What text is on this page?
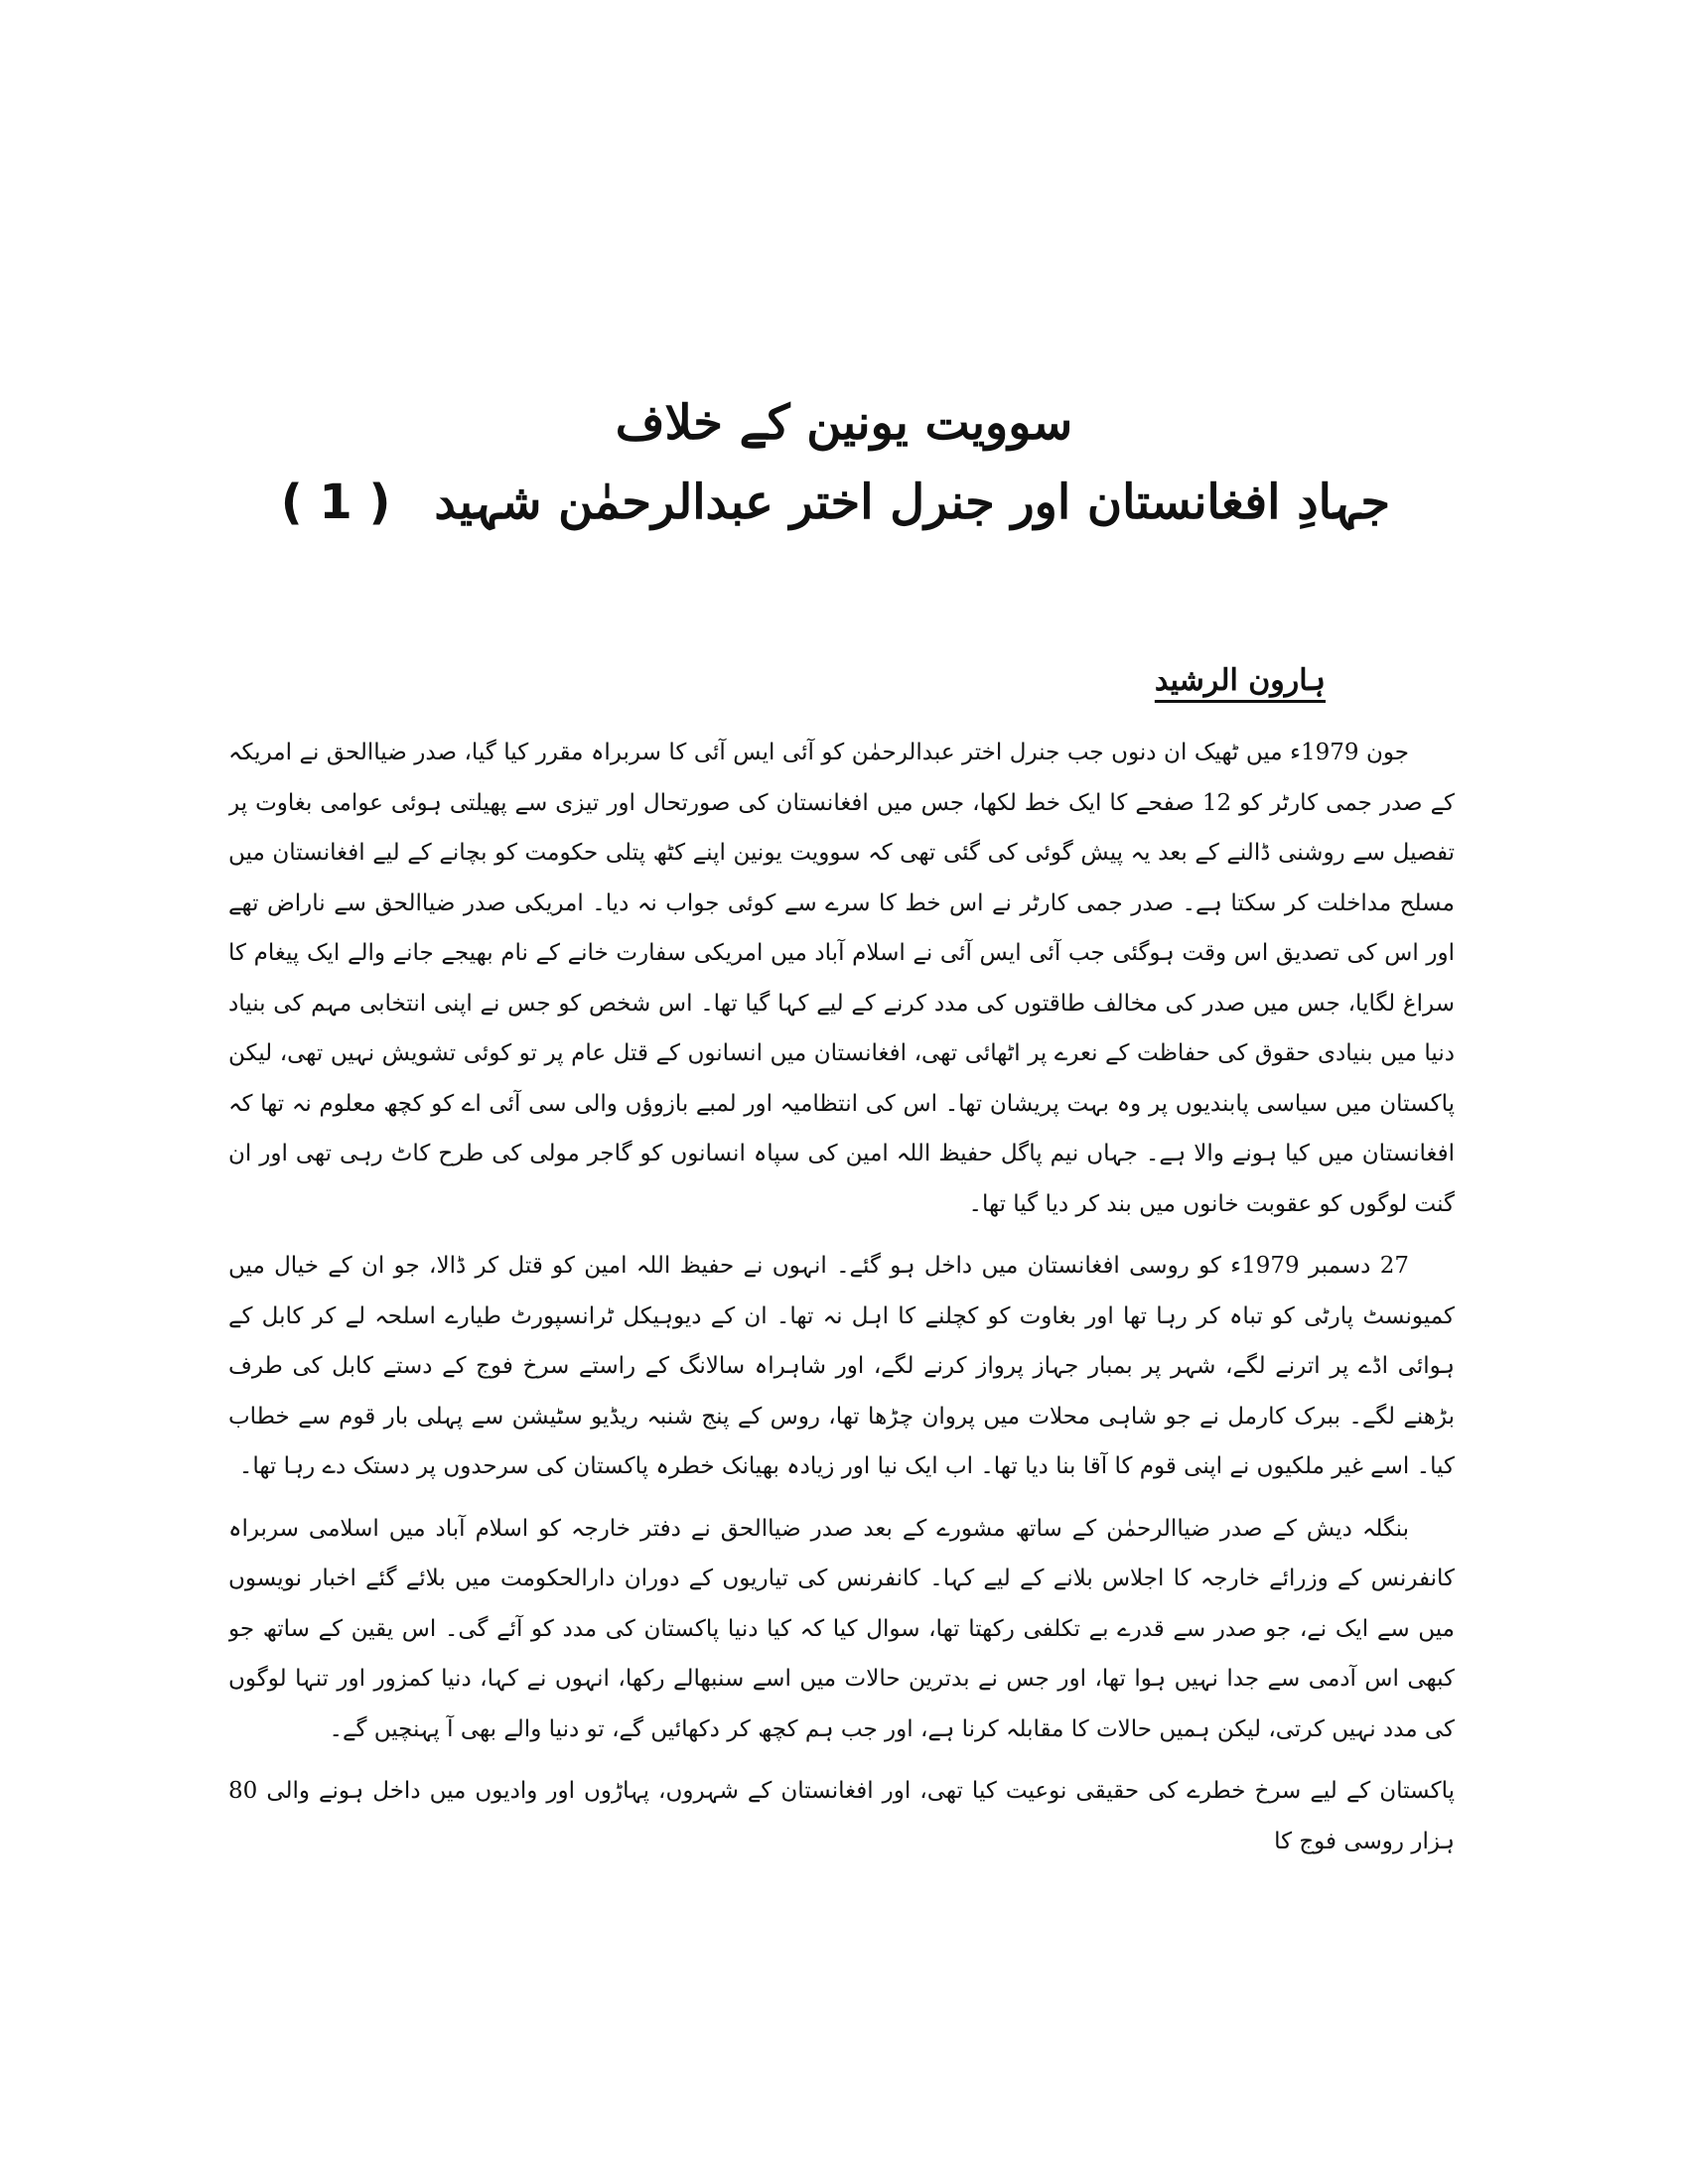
سوویت یونین کے خلاف
جہادِ افغانستان اور جنرل اختر عبدالرحمٰن شہید( 1 )

ہارون الرشید

جون 1979ء میں ٹھیک ان دنوں جب جنرل اختر عبدالرحمٰن کو آئی ایس آئی کا سربراہ مقرر کیا گیا، صدر ضیاالحق نے امریکہ کے صدر جمی کارٹر کو 12 صفحے کا ایک خط لکھا، جس میں افغانستان کی صورتحال اور تیزی سے پھیلتی ہوئی عوامی بغاوت پر تفصیل سے روشنی ڈالنے کے بعد یہ پیش گوئی کی گئی تھی کہ سوویت یونین اپنے کٹھ پتلی حکومت کو بچانے کے لیے افغانستان میں مسلح مداخلت کر سکتا ہے۔ صدر جمی کارٹر نے اس خط کا سرے سے کوئی جواب نہ دیا۔ امریکی صدر ضیاالحق سے ناراض تھے اور اس کی تصدیق اس وقت ہوگئی جب آئی ایس آئی نے اسلام آباد میں امریکی سفارت خانے کے نام بھیجے جانے والے ایک پیغام کا سراغ لگایا، جس میں صدر کی مخالف طاقتوں کی مدد کرنے کے لیے کہا گیا تھا۔ اس شخص کو جس نے اپنی انتخابی مہم کی بنیاد دنیا میں بنیادی حقوق کی حفاظت کے نعرے پر اٹھائی تھی، افغانستان میں انسانوں کے قتل عام پر تو کوئی تشویش نہیں تھی، لیکن پاکستان میں سیاسی پابندیوں پر وہ بہت پریشان تھا۔ اس کی انتظامیہ اور لمبے بازوؤں والی سی آئی اے کو کچھ معلوم نہ تھا کہ افغانستان میں کیا ہونے والا ہے۔ جہاں نیم پاگل حفیظ اللہ امین کی سپاہ انسانوں کو گاجر مولی کی طرح کاٹ رہی تھی اور ان گنت لوگوں کو عقوبت خانوں میں بند کر دیا گیا تھا۔

27 دسمبر 1979ء کو روسی افغانستان میں داخل ہو گئے۔ انہوں نے حفیظ اللہ امین کو قتل کر ڈالا، جو ان کے خیال میں کمیونسٹ پارٹی کو تباہ کر رہا تھا اور بغاوت کو کچلنے کا اہل نہ تھا۔ ان کے دیوہیکل ٹرانسپورٹ طیارے اسلحہ لے کر کابل کے ہوائی اڈے پر اترنے لگے، شہر پر بمبار جہاز پرواز کرنے لگے، اور شاہراہ سالانگ کے راستے سرخ فوج کے دستے کابل کی طرف بڑھنے لگے۔ ببرک کارمل نے جو شاہی محلات میں پروان چڑھا تھا، روس کے پنج شنبہ ریڈیو سٹیشن سے پہلی بار قوم سے خطاب کیا۔ اسے غیر ملکیوں نے اپنی قوم کا آقا بنا دیا تھا۔ اب ایک نیا اور زیادہ بھیانک خطرہ پاکستان کی سرحدوں پر دستک دے رہا تھا۔

بنگلہ دیش کے صدر ضیاالرحمٰن کے ساتھ مشورے کے بعد صدر ضیاالحق نے دفتر خارجہ کو اسلام آباد میں اسلامی سربراہ کانفرنس کے وزرائے خارجہ کا اجلاس بلانے کے لیے کہا۔ کانفرنس کی تیاریوں کے دوران دارالحکومت میں بلائے گئے اخبار نویسوں میں سے ایک نے، جو صدر سے قدرے بے تکلفی رکھتا تھا، سوال کیا کہ کیا دنیا پاکستان کی مدد کو آئے گی۔ اس یقین کے ساتھ جو کبھی اس آدمی سے جدا نہیں ہوا تھا، اور جس نے بدترین حالات میں اسے سنبھالے رکھا، انہوں نے کہا، دنیا کمزور اور تنہا لوگوں کی مدد نہیں کرتی، لیکن ہمیں حالات کا مقابلہ کرنا ہے، اور جب ہم کچھ کر دکھائیں گے، تو دنیا والے بھی آ پہنچیں گے۔

پاکستان کے لیے سرخ خطرے کی حقیقی نوعیت کیا تھی، اور افغانستان کے شہروں، پہاڑوں اور وادیوں میں داخل ہونے والی 80 ہزار روسی فوج کا
